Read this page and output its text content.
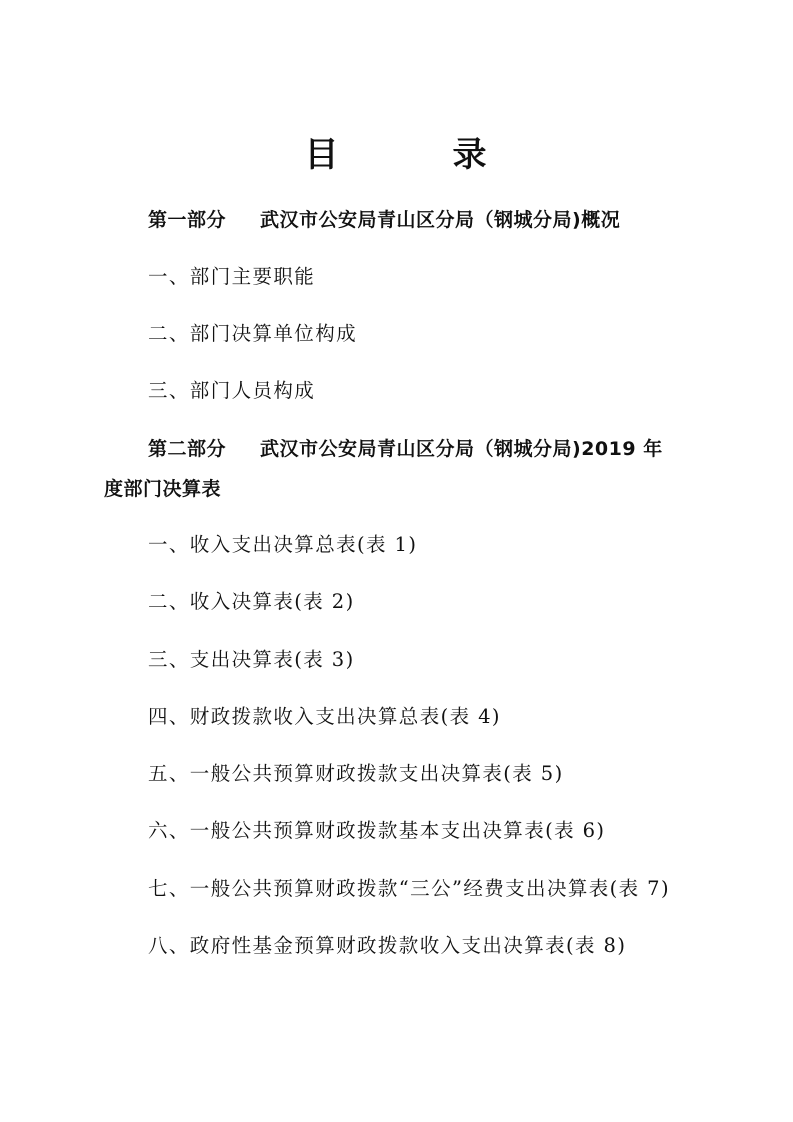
目	录
第一部分 武汉市公安局青山区分局（钢城分局)概况
一、部门主要职能
二、部门决算单位构成
三、部门人员构成
第二部分 武汉市公安局青山区分局（钢城分局)2019 年
度部门决算表
一、收入支出决算总表(表 1)
二、收入决算表(表 2)
三、支出决算表(表 3)
四、财政拨款收入支出决算总表(表 4)
五、一般公共预算财政拨款支出决算表(表 5)
六、一般公共预算财政拨款基本支出决算表(表 6)
七、一般公共预算财政拨款“三公”经费支出决算表(表 7)
八、政府性基金预算财政拨款收入支出决算表(表 8)
